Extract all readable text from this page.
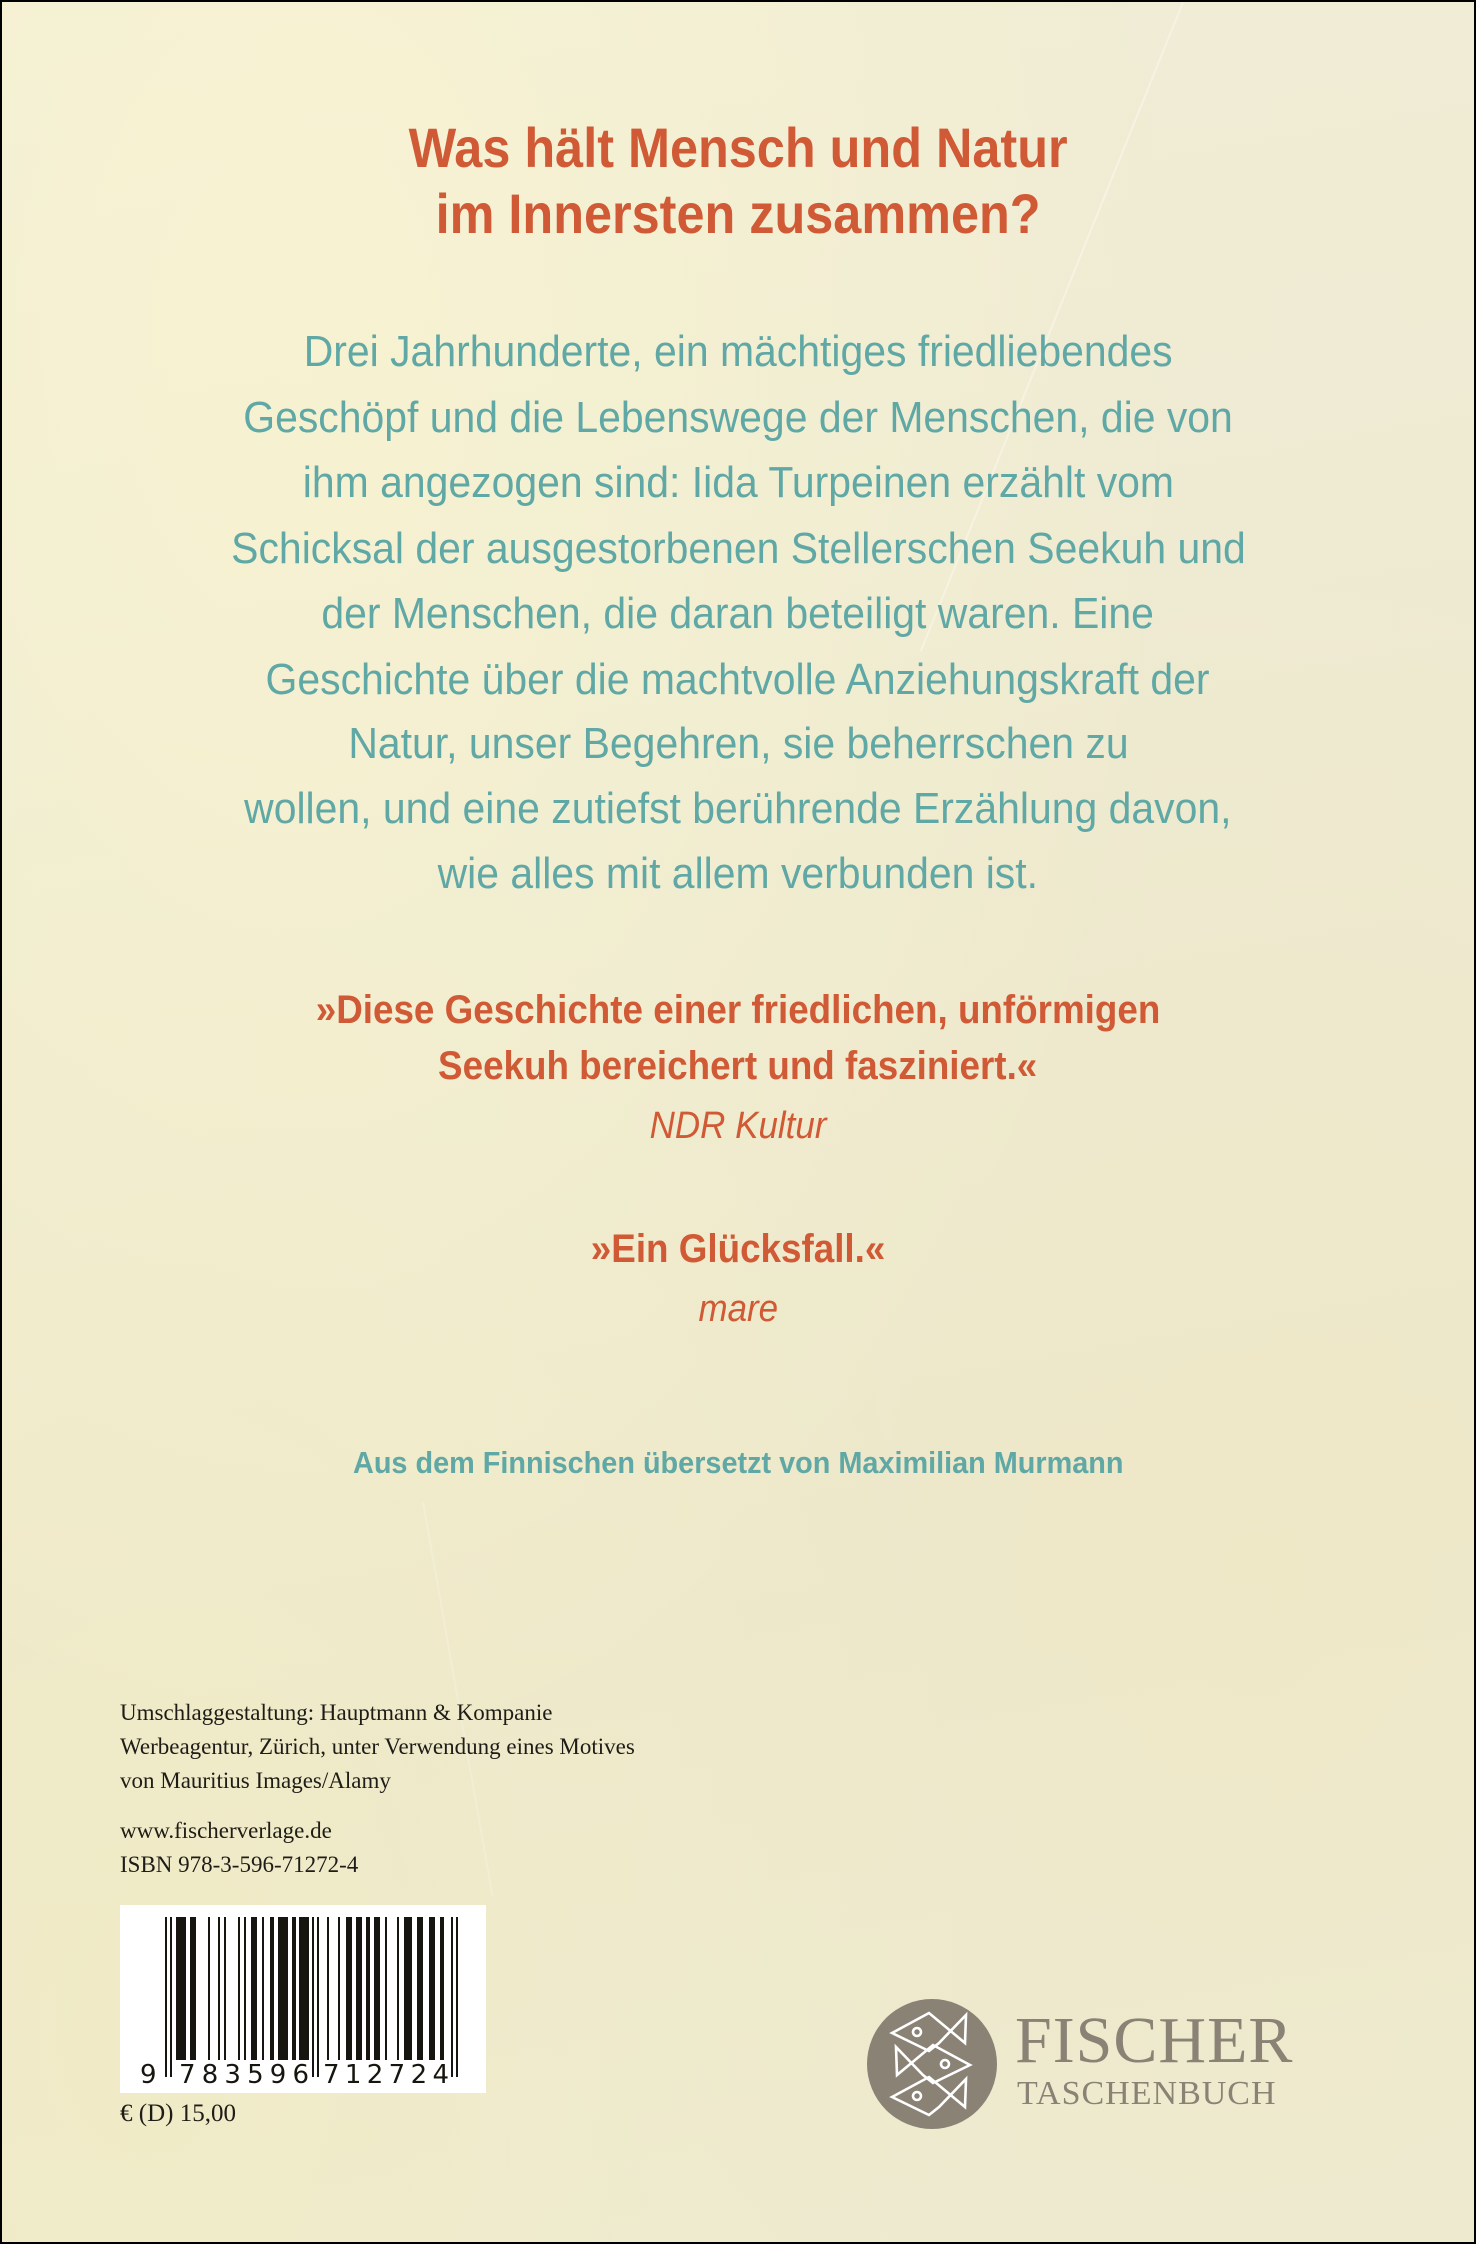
Was hält Mensch und Natur
im Innersten zusammen?
Drei Jahrhunderte, ein mächtiges friedliebendes
Geschöpf und die Lebenswege der Menschen, die von
ihm angezogen sind: Iida Turpeinen erzählt vom
Schicksal der ausgestorbenen Stellerschen Seekuh und
der Menschen, die daran beteiligt waren. Eine
Geschichte über die machtvolle Anziehungskraft der
Natur, unser Begehren, sie beherrschen zu
wollen, und eine zutiefst berührende Erzählung davon,
wie alles mit allem verbunden ist.
»Diese Geschichte einer friedlichen, unförmigen
Seekuh bereichert und fasziniert.«
NDR Kultur
»Ein Glücksfall.«
mare
Aus dem Finnischen übersetzt von Maximilian Murmann
Umschlaggestaltung: Hauptmann & Kompanie
Werbeagentur, Zürich, unter Verwendung eines Motives
von Mauritius Images/Alamy
www.fischerverlage.de
ISBN 978-3-596-71272-4
9 783596 712724
€ (D) 15,00
FISCHER
TASCHENBUCH
